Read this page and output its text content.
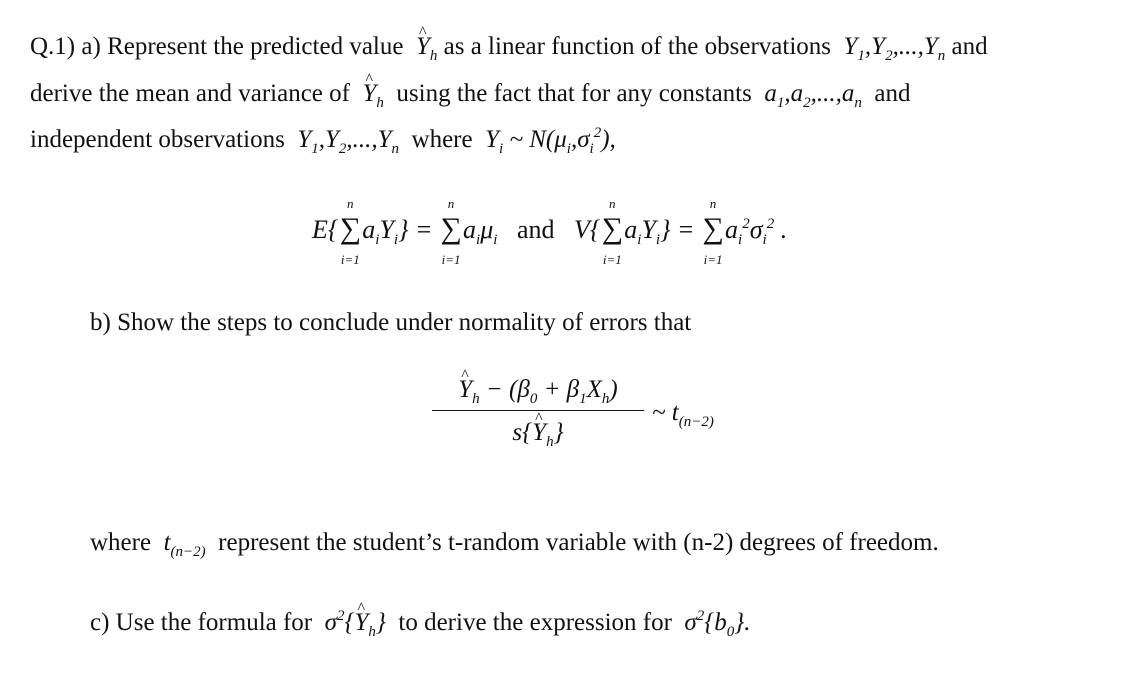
Q.1) a) Represent the predicted value ^ $Y_h$ as a linear function of the observations  $Y_1,Y_2,...,Y_n$ and
derive the mean and variance of ^ $Y_h$ using the fact that for any constants  $a_1,a_2,...,a_n$ and
independent observations  $Y_1,Y_2,...,Y_n$ where  $Y_i$ ~ $N(\mu_i,\sigma_i^2)$,
E{∑
n
i=1
$a_iY_i$} = ∑
n
i=1
$a_i\mu_i$ and   V{∑
n
i=1
$a_iY_i$} = ∑
n
i=1
$a_i^2\sigma_i^2$ .
b) Show the steps to conclude under normality of errors that
^ $Y_h - (\beta_0 + \beta_1X_h)$
s{^ $Y_h$}
~ $t_{(n-2)}$
where  $t_{(n-2)}$ represent the student’s t-random variable with (n-2) degrees of freedom.
c) Use the formula for  $\sigma^2\{\^{}$ $Y_h$}  to derive the expression for  $\sigma^2\{b_0\}$.
